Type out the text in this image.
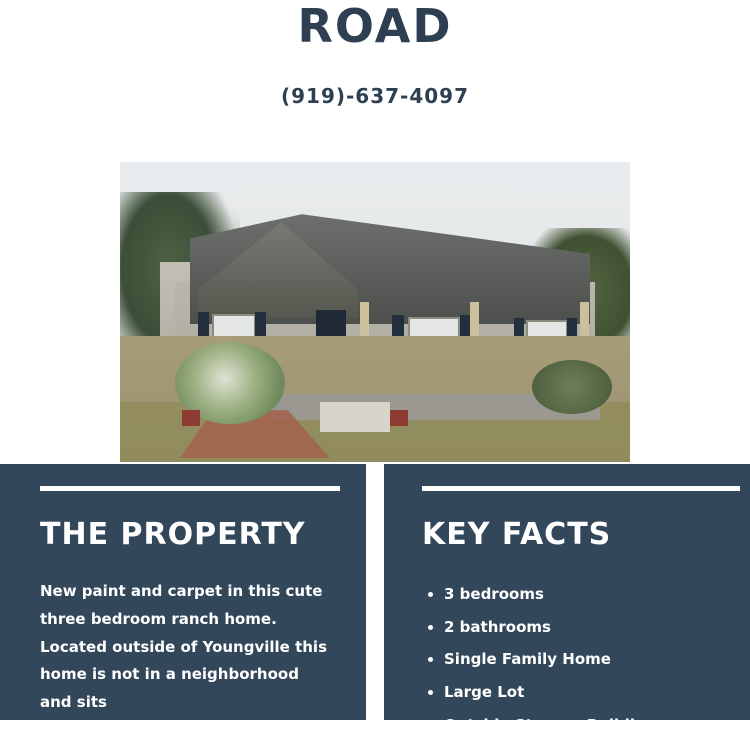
ROAD
(919)-637-4097
THE PROPERTY

New paint and carpet in this cute three bedroom ranch home. Located outside of Youngville this home is not in a neighborhood and sits

KEY FACTS
• 3 bedrooms
• 2 bathrooms
• Single Family Home
• Large Lot
• Outside Storage Building
